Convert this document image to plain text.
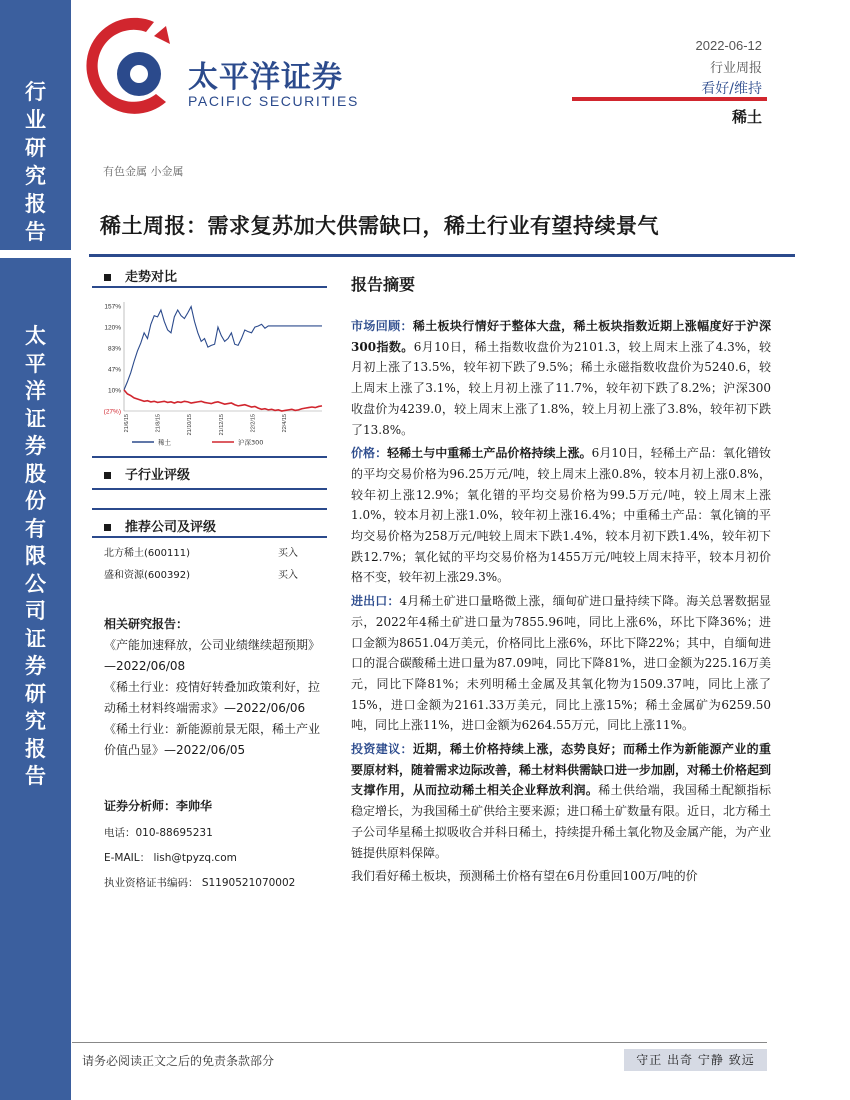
行
业
研
究
报
告
太
平
洋
证
券
股
份
有
限
公
司
证
券
研
究
报
告
太平洋证券
PACIFIC SECURITIES
2022-06-12
行业周报
看好/维持
稀土
有色金属 小金属
稀土周报：需求复苏加大供需缺口，稀土行业有望持续景气
走势对比
157%
120%
83%
47%
10%
(27%)
21/6/15	21/8/15	21/10/15	21/12/15	22/2/15	22/4/15
稀土	沪深300
子行业评级
推荐公司及评级
北方稀土(600111)	买入
盛和资源(600392)	买入
相关研究报告：
《产能加速释放，公司业绩继续超预期》—2022/06/08
《稀土行业：疫情好转叠加政策利好，拉动稀土材料终端需求》—2022/06/06
《稀土行业：新能源前景无限，稀土产业价值凸显》—2022/06/05
证券分析师：李帅华
电话：010-88695231
E-MAIL： lish@tpyzq.com
执业资格证书编码： S1190521070002
报告摘要

市场回顾：稀土板块行情好于整体大盘，稀土板块指数近期上涨幅度好于沪深300指数。6月10日，稀土指数收盘价为2101.3，较上周末上涨了4.3%，较月初上涨了13.5%，较年初下跌了9.5%；稀土永磁指数收盘价为5240.6，较上周末上涨了3.1%，较上月初上涨了11.7%，较年初下跌了8.2%；沪深300收盘价为4239.0，较上周末上涨了1.8%，较上月初上涨了3.8%，较年初下跌了13.8%。

价格：轻稀土与中重稀土产品价格持续上涨。6月10日，轻稀土产品：氧化镨钕的平均交易价格为96.25万元/吨，较上周末上涨0.8%，较本月初上涨0.8%，较年初上涨12.9%；氧化镨的平均交易价格为99.5万元/吨，较上周末上涨1.0%，较本月初上涨1.0%，较年初上涨16.4%；中重稀土产品：氧化镝的平均交易价格为258万元/吨较上周末下跌1.4%，较本月初下跌1.4%，较年初下跌12.7%；氧化铽的平均交易价格为1455万元/吨较上周末持平，较本月初价格不变，较年初上涨29.3%。

进出口：4月稀土矿进口量略微上涨，缅甸矿进口量持续下降。海关总署数据显示，2022年4稀土矿进口量为7855.96吨，同比上涨6%，环比下降36%；进口金额为8651.04万美元，价格同比上涨6%，环比下降22%；其中，自缅甸进口的混合碳酸稀土进口量为87.09吨，同比下降81%，进口金额为225.16万美元，同比下降81%；未列明稀土金属及其氧化物为1509.37吨，同比上涨了15%，进口金额为2161.33万美元，同比上涨15%；稀土金属矿为6259.50吨，同比上涨11%，进口金额为6264.55万元，同比上涨11%。

投资建议：近期，稀土价格持续上涨，态势良好；而稀土作为新能源产业的重要原材料，随着需求边际改善，稀土材料供需缺口进一步加剧，对稀土价格起到支撑作用，从而拉动稀土相关企业释放利润。稀土供给端，我国稀土配额指标稳定增长，为我国稀土矿供给主要来源；进口稀土矿数量有限。近日，北方稀土子公司华星稀土拟吸收合并科日稀土，持续提升稀土氧化物及金属产能，为产业链提供原料保障。

我们看好稀土板块，预测稀土价格有望在6月份重回100万/吨的价

请务必阅读正文之后的免责条款部分	守正 出奇 宁静 致远
